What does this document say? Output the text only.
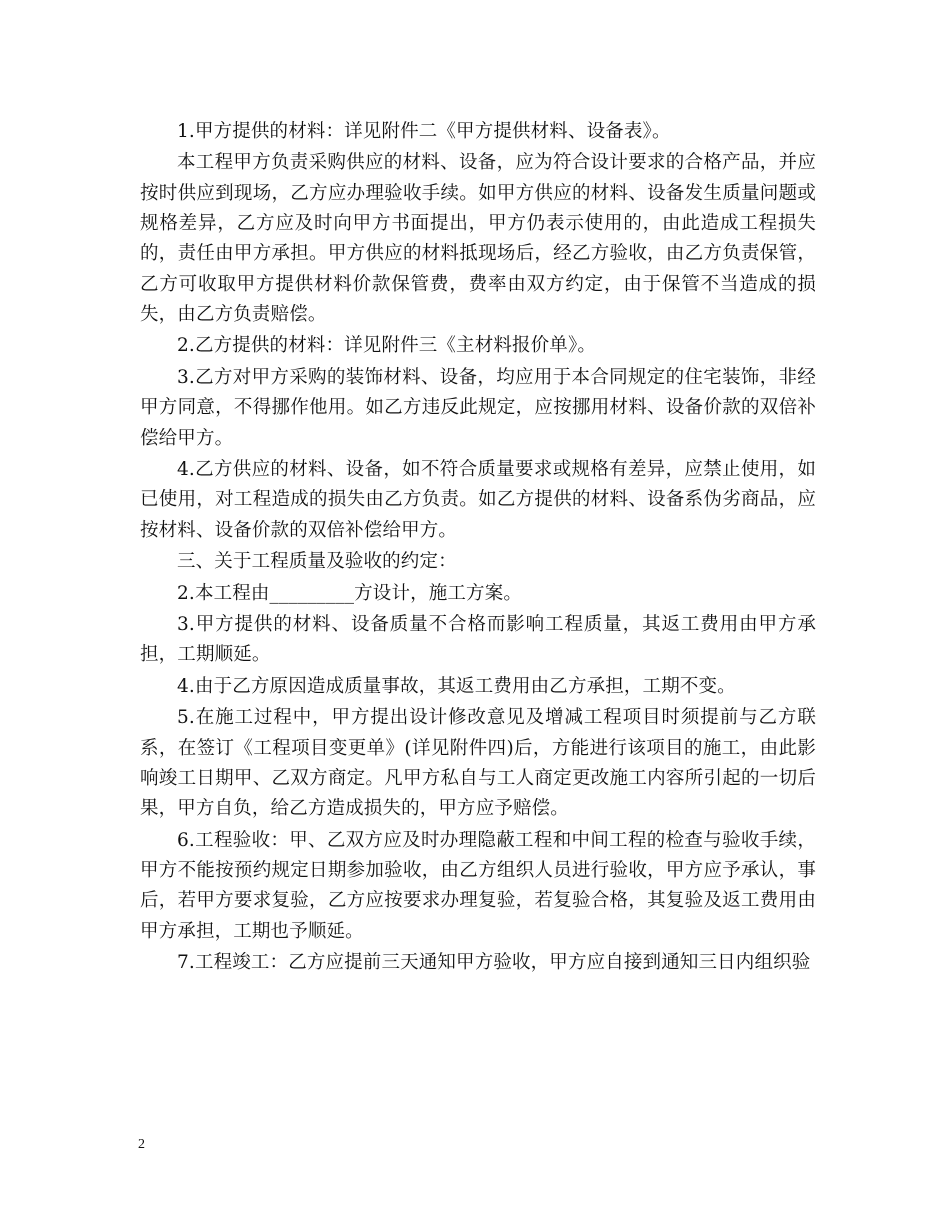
1.甲方提供的材料：详见附件二《甲方提供材料、设备表》。

本工程甲方负责采购供应的材料、设备，应为符合设计要求的合格产品，并应按时供应到现场，乙方应办理验收手续。如甲方供应的材料、设备发生质量问题或规格差异，乙方应及时向甲方书面提出，甲方仍表示使用的，由此造成工程损失的，责任由甲方承担。甲方供应的材料抵现场后，经乙方验收，由乙方负责保管，乙方可收取甲方提供材料价款保管费，费率由双方约定，由于保管不当造成的损失，由乙方负责赔偿。

2.乙方提供的材料：详见附件三《主材料报价单》。

3.乙方对甲方采购的装饰材料、设备，均应用于本合同规定的住宅装饰，非经甲方同意，不得挪作他用。如乙方违反此规定，应按挪用材料、设备价款的双倍补偿给甲方。

4.乙方供应的材料、设备，如不符合质量要求或规格有差异，应禁止使用，如已使用，对工程造成的损失由乙方负责。如乙方提供的材料、设备系伪劣商品，应按材料、设备价款的双倍补偿给甲方。

三、关于工程质量及验收的约定：

2.本工程由_________方设计，施工方案。

3.甲方提供的材料、设备质量不合格而影响工程质量，其返工费用由甲方承担，工期顺延。

4.由于乙方原因造成质量事故，其返工费用由乙方承担，工期不变。

5.在施工过程中，甲方提出设计修改意见及增减工程项目时须提前与乙方联系，在签订《工程项目变更单》(详见附件四)后，方能进行该项目的施工，由此影响竣工日期甲、乙双方商定。凡甲方私自与工人商定更改施工内容所引起的一切后果，甲方自负，给乙方造成损失的，甲方应予赔偿。

6.工程验收：甲、乙双方应及时办理隐蔽工程和中间工程的检查与验收手续，甲方不能按预约规定日期参加验收，由乙方组织人员进行验收，甲方应予承认，事后，若甲方要求复验，乙方应按要求办理复验，若复验合格，其复验及返工费用由甲方承担，工期也予顺延。

7.工程竣工：乙方应提前三天通知甲方验收，甲方应自接到通知三日内组织验

2
